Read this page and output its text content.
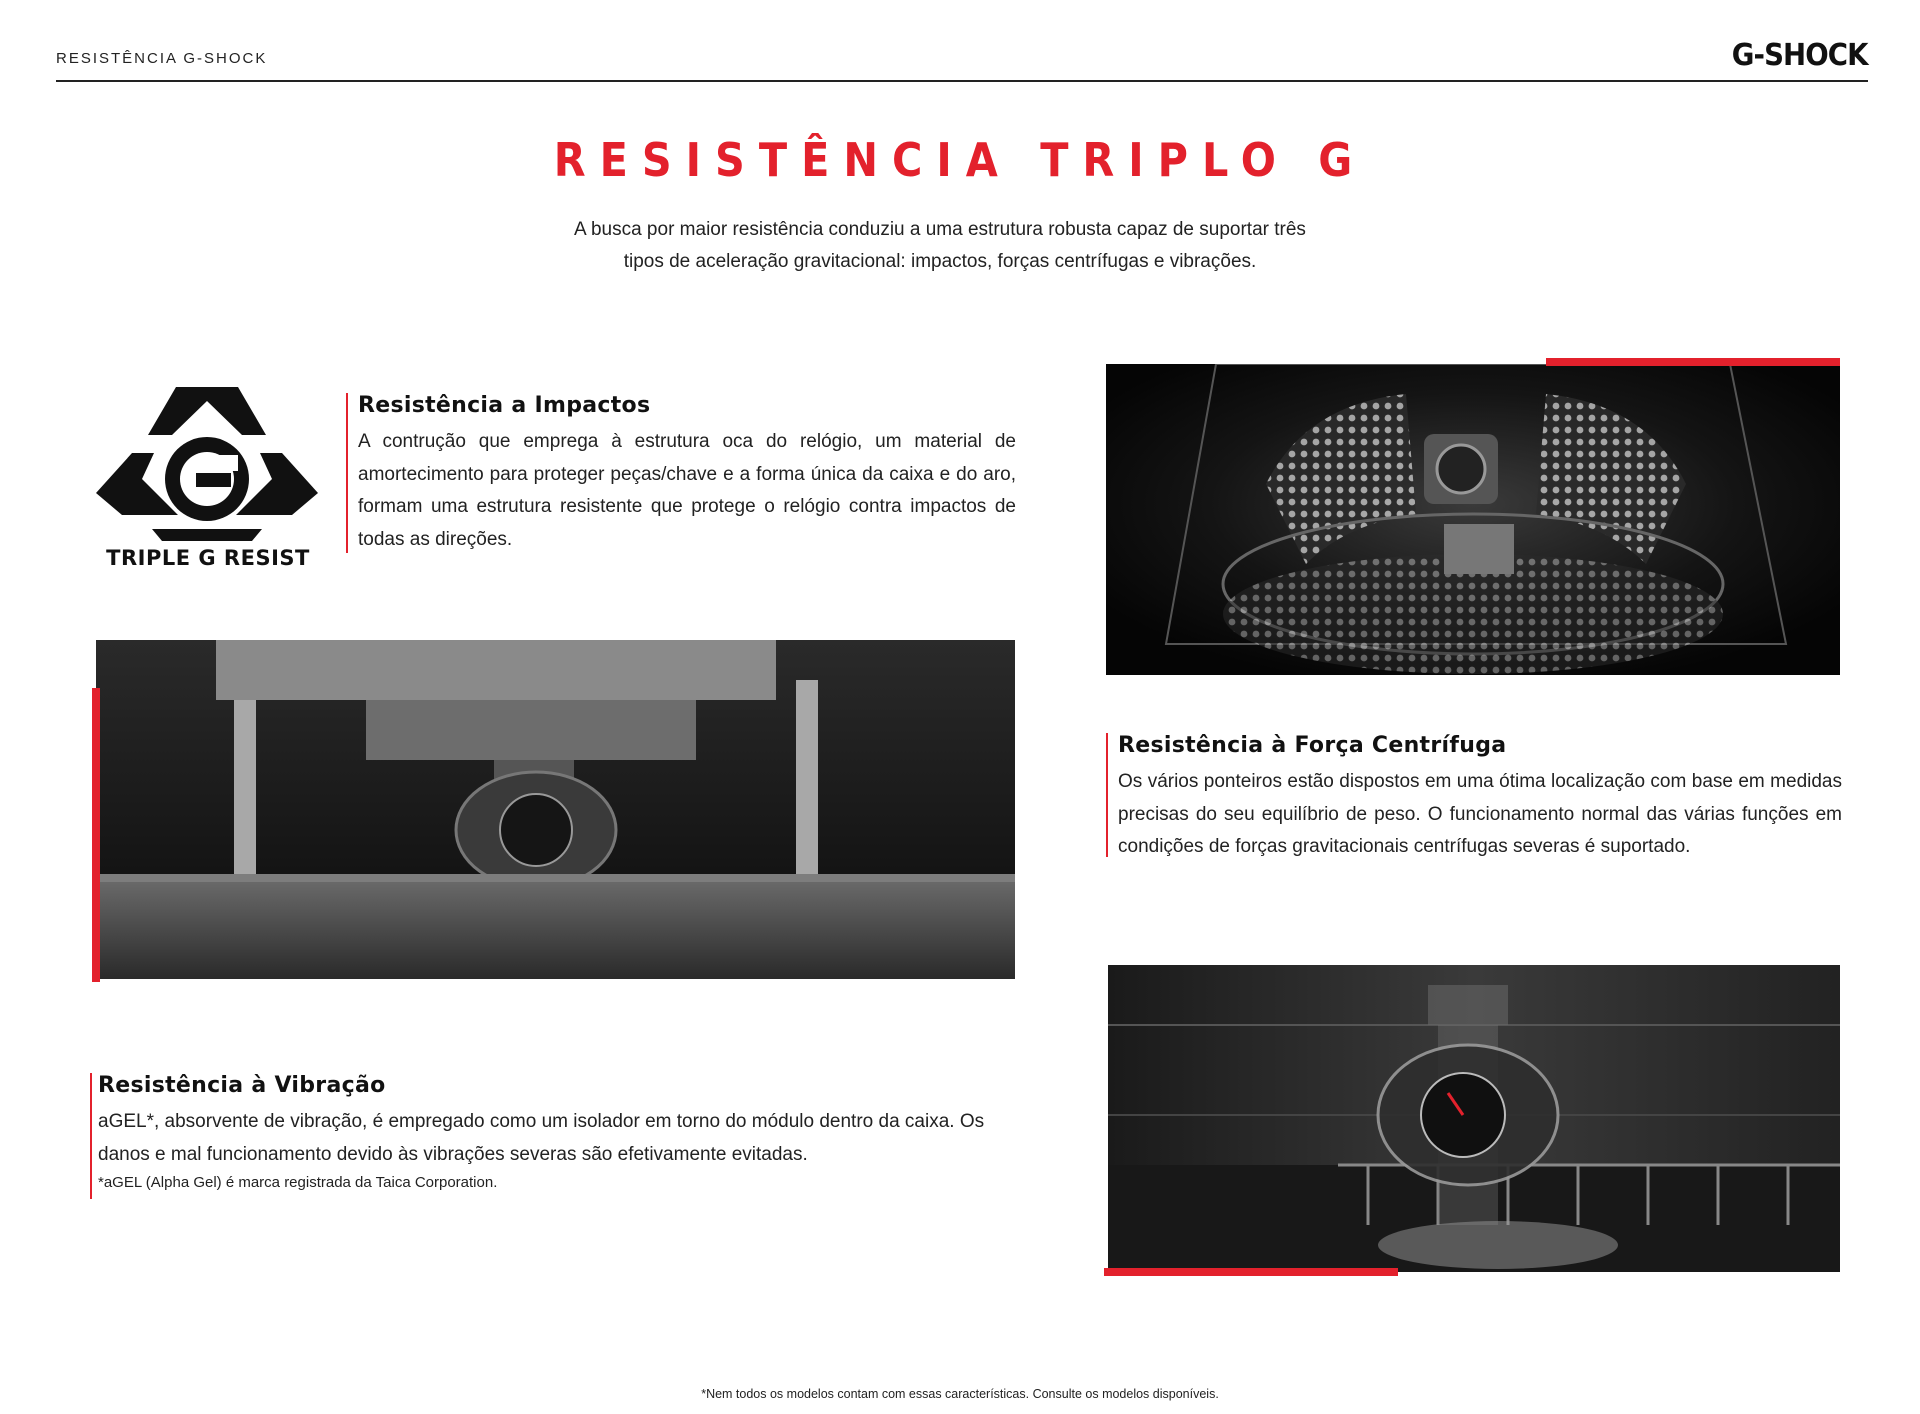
RESISTÊNCIA G-SHOCK	G-SHOCK
RESISTÊNCIA TRIPLO G
A busca por maior resistência conduziu a uma estrutura robusta capaz de suportar três
tipos de aceleração gravitacional: impactos, forças centrífugas e vibrações.
TRIPLE G RESIST
Resistência a Impactos

A contrução que emprega à estrutura oca do relógio, um material de amortecimento para proteger peças/chave e a forma única da caixa e do aro, formam uma estrutura resistente que protege o relógio contra impactos de todas as direções.

Resistência à Força Centrífuga

Os vários ponteiros estão dispostos em uma ótima localização com base em medidas precisas do seu equilíbrio de peso. O funcionamento normal das várias funções em condições de forças gravitacionais centrífugas severas é suportado.

Resistência à Vibração

aGEL*, absorvente de vibração, é empregado como um isolador em torno do módulo dentro da caixa. Os danos e mal funcionamento devido às vibrações severas são efetivamente evitadas.

*aGEL (Alpha Gel) é marca registrada da Taica Corporation.

*Nem todos os modelos contam com essas características. Consulte os modelos disponíveis.
